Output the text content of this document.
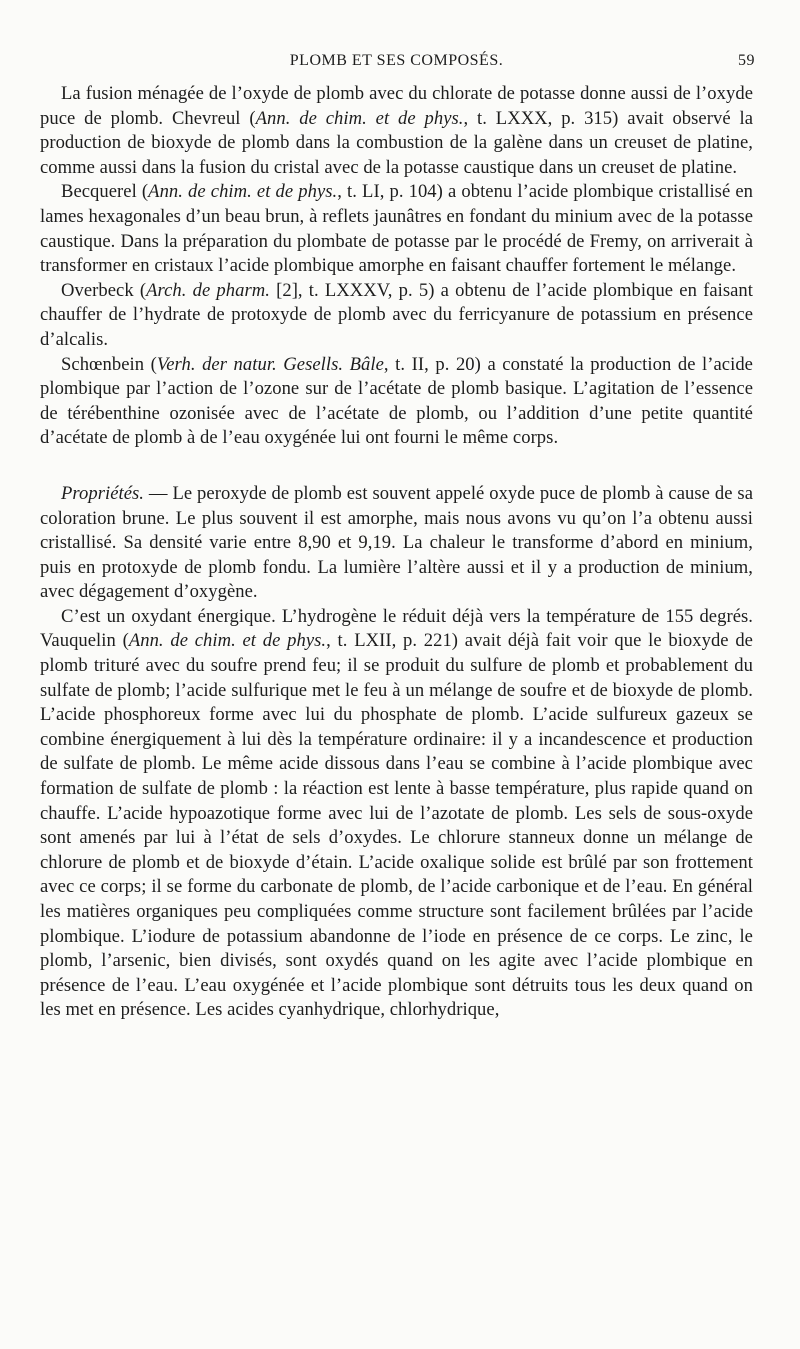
PLOMB ET SES COMPOSÉS.	59

La fusion ménagée de l’oxyde de plomb avec du chlorate de potasse donne aussi de l’oxyde puce de plomb. Chevreul (Ann. de chim. et de phys., t. LXXX, p. 315) avait observé la production de bioxyde de plomb dans la combustion de la galène dans un creuset de platine, comme aussi dans la fusion du cristal avec de la potasse caustique dans un creuset de platine.

Becquerel (Ann. de chim. et de phys., t. LI, p. 104) a obtenu l’acide plombique cristallisé en lames hexagonales d’un beau brun, à reflets jaunâtres en fondant du minium avec de la potasse caustique. Dans la préparation du plombate de potasse par le procédé de Fremy, on arriverait à transformer en cristaux l’acide plombique amorphe en faisant chauffer fortement le mélange.

Overbeck (Arch. de pharm. [2], t. LXXXV, p. 5) a obtenu de l’acide plombique en faisant chauffer de l’hydrate de protoxyde de plomb avec du ferricyanure de potassium en présence d’alcalis.

Schœnbein (Verh. der natur. Gesells. Bâle, t. II, p. 20) a constaté la production de l’acide plombique par l’action de l’ozone sur de l’acétate de plomb basique. L’agitation de l’essence de térébenthine ozonisée avec de l’acétate de plomb, ou l’addition d’une petite quantité d’acétate de plomb à de l’eau oxygénée lui ont fourni le même corps.

Propriétés. — Le peroxyde de plomb est souvent appelé oxyde puce de plomb à cause de sa coloration brune. Le plus souvent il est amorphe, mais nous avons vu qu’on l’a obtenu aussi cristallisé. Sa densité varie entre 8,90 et 9,19. La chaleur le transforme d’abord en minium, puis en protoxyde de plomb fondu. La lumière l’altère aussi et il y a production de minium, avec dégagement d’oxygène.

C’est un oxydant énergique. L’hydrogène le réduit déjà vers la température de 155 degrés. Vauquelin (Ann. de chim. et de phys., t. LXII, p. 221) avait déjà fait voir que le bioxyde de plomb trituré avec du soufre prend feu; il se produit du sulfure de plomb et probablement du sulfate de plomb; l’acide sulfurique met le feu à un mélange de soufre et de bioxyde de plomb. L’acide phosphoreux forme avec lui du phosphate de plomb. L’acide sulfureux gazeux se combine énergiquement à lui dès la température ordinaire: il y a incandescence et production de sulfate de plomb. Le même acide dissous dans l’eau se combine à l’acide plombique avec formation de sulfate de plomb : la réaction est lente à basse température, plus rapide quand on chauffe. L’acide hypoazotique forme avec lui de l’azotate de plomb. Les sels de sous-oxyde sont amenés par lui à l’état de sels d’oxydes. Le chlorure stanneux donne un mélange de chlorure de plomb et de bioxyde d’étain. L’acide oxalique solide est brûlé par son frottement avec ce corps; il se forme du carbonate de plomb, de l’acide carbonique et de l’eau. En général les matières organiques peu compliquées comme structure sont facilement brûlées par l’acide plombique. L’iodure de potassium abandonne de l’iode en présence de ce corps. Le zinc, le plomb, l’arsenic, bien divisés, sont oxydés quand on les agite avec l’acide plombique en présence de l’eau. L’eau oxygénée et l’acide plombique sont détruits tous les deux quand on les met en présence. Les acides cyanhydrique, chlorhydrique,
